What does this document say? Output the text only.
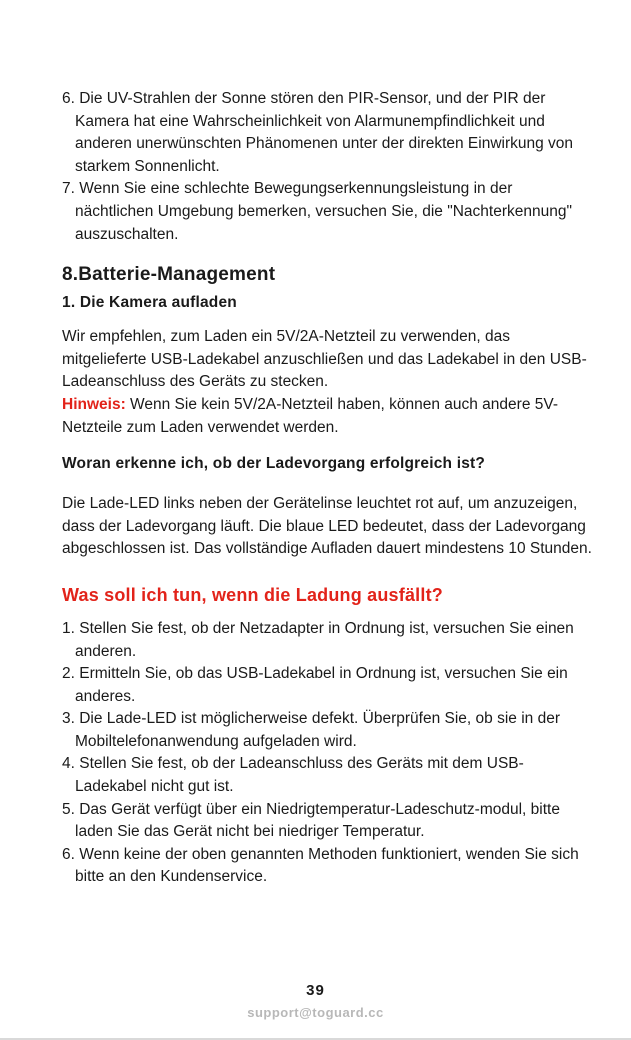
6. Die UV-Strahlen der Sonne stören den PIR-Sensor, und der PIR der Kamera hat eine Wahrscheinlichkeit von Alarmunempfindlichkeit und anderen unerwünschten Phänomenen unter der direkten Einwirkung von starkem Sonnenlicht.
7. Wenn Sie eine schlechte Bewegungserkennungsleistung in der nächtlichen Umgebung bemerken, versuchen Sie, die "Nachterkennung" auszuschalten.
8.Batterie-Management
1. Die Kamera aufladen

Wir empfehlen, zum Laden ein 5V/2A-Netzteil zu verwenden, das mitgelieferte USB-Ladekabel anzuschließen und das Ladekabel in den USB-Ladeanschluss des Geräts zu stecken.

Hinweis: Wenn Sie kein 5V/2A-Netzteil haben, können auch andere 5V-Netzteile zum Laden verwendet werden.

Woran erkenne ich, ob der Ladevorgang erfolgreich ist?

Die Lade-LED links neben der Gerätelinse leuchtet rot auf, um anzuzeigen, dass der Ladevorgang läuft. Die blaue LED bedeutet, dass der Ladevorgang abgeschlossen ist. Das vollständige Aufladen dauert mindestens 10 Stunden.

Was soll ich tun, wenn die Ladung ausfällt?

1. Stellen Sie fest, ob der Netzadapter in Ordnung ist, versuchen Sie einen anderen.
2. Ermitteln Sie, ob das USB-Ladekabel in Ordnung ist, versuchen Sie ein anderes.
3. Die Lade-LED ist möglicherweise defekt. Überprüfen Sie, ob sie in der Mobiltelefonanwendung aufgeladen wird.
4. Stellen Sie fest, ob der Ladeanschluss des Geräts mit dem USB-Ladekabel nicht gut ist.
5. Das Gerät verfügt über ein Niedrigtemperatur-Ladeschutz-modul, bitte laden Sie das Gerät nicht bei niedriger Temperatur.
6. Wenn keine der oben genannten Methoden funktioniert, wenden Sie sich bitte an den Kundenservice.
39
support@toguard.cc
